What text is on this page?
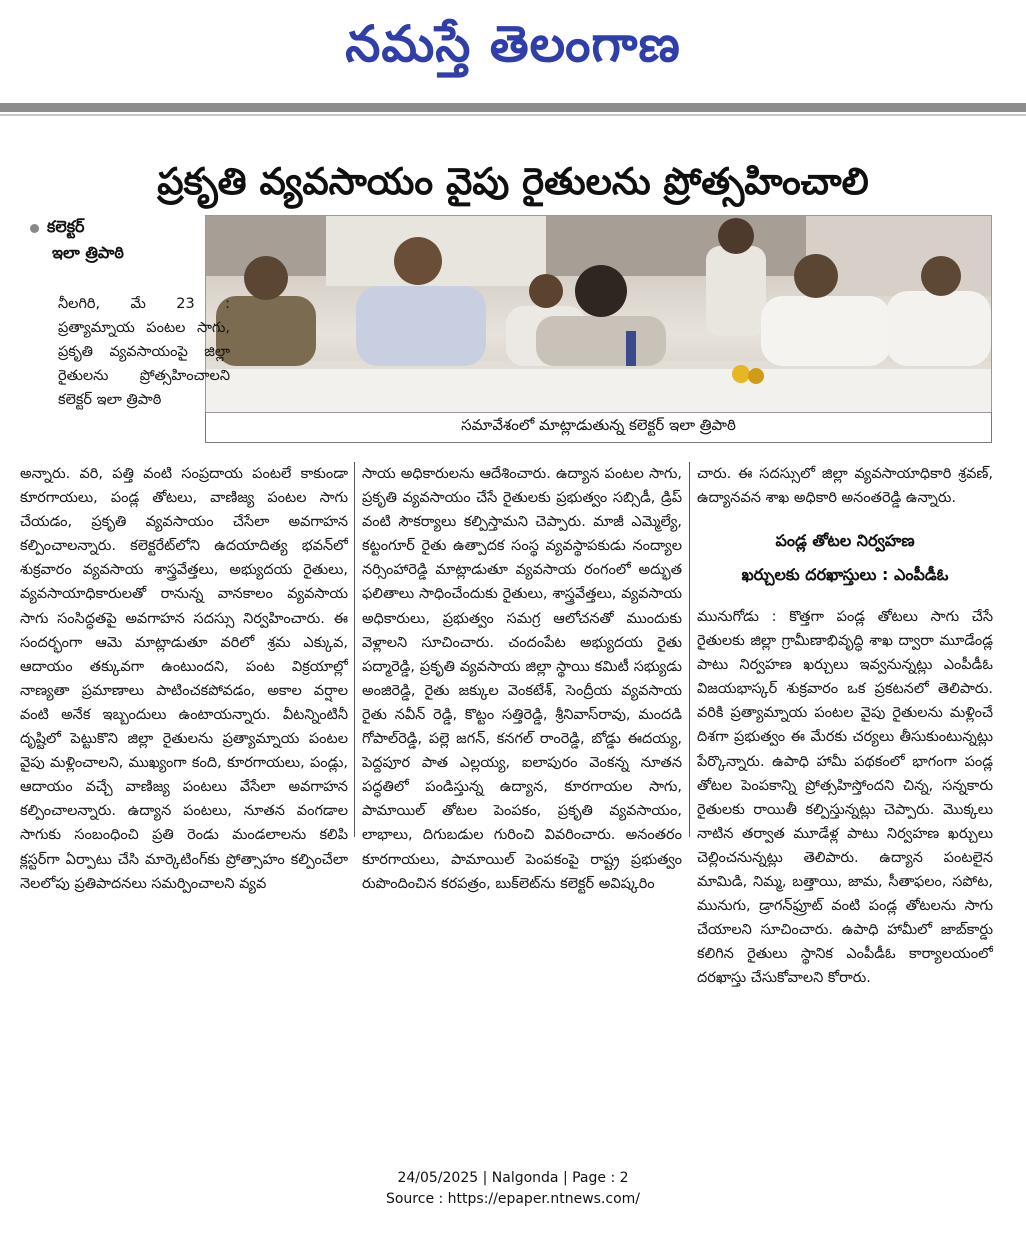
నమస్తే తెలంగాణ
ప్రకృతి వ్యవసాయం వైపు రైతులను ప్రోత్సహించాలి
కలెక్టర్
ఇలా త్రిపాఠి
సమావేశంలో మాట్లాడుతున్న కలెక్టర్ ఇలా త్రిపాఠి

నీలగిరి, మే 23 : ప్రత్యామ్నాయ పంటల సాగు, ప్రకృతి వ్యవసాయంపై జిల్లా రైతులను ప్రోత్సహించాలని కలెక్టర్ ఇలా త్రిపాఠి

అన్నారు. వరి, పత్తి వంటి సంప్రదాయ పంటలే కాకుండా కూరగాయలు, పండ్ల తోటలు, వాణిజ్య పంటల సాగు చేయడం, ప్రకృతి వ్యవసాయం చేసేలా అవగాహన కల్పించాలన్నారు. కలెక్టరేట్‌లోని ఉదయాదిత్య భవన్‌లో శుక్రవారం వ్యవసాయ శాస్త్రవేత్తలు, అభ్యుదయ రైతులు, వ్యవసాయాధికారులతో రానున్న వానకాలం వ్యవసాయ సాగు సంసిద్ధతపై అవగాహన సదస్సు నిర్వహించారు. ఈ సందర్భంగా ఆమె మాట్లాడుతూ వరిలో శ్రమ ఎక్కువ, ఆదాయం తక్కువగా ఉంటుందని, పంట విక్రయాల్లో నాణ్యతా ప్రమాణాలు పాటించకపోవడం, అకాల వర్షాల వంటి అనేక ఇబ్బందులు ఉంటాయన్నారు. వీటన్నింటినీ దృష్టిలో పెట్టుకొని జిల్లా రైతులను ప్రత్యామ్నాయ పంటల వైపు మళ్లించాలని, ముఖ్యంగా కంది, కూరగాయలు, పండ్లు, ఆదాయం వచ్చే వాణిజ్య పంటలు వేసేలా అవగాహన కల్పించాలన్నారు. ఉద్యాన పంటలు, నూతన వంగడాల సాగుకు సంబంధించి ప్రతి రెండు మండలాలను కలిపి క్లస్టర్‌గా ఏర్పాటు చేసి మార్కెటింగ్‌కు ప్రోత్సాహం కల్పించేలా నెలలోపు ప్రతిపాదనలు సమర్పించాలని వ్యవ

సాయ అధికారులను ఆదేశించారు. ఉద్యాన పంటల సాగు, ప్రకృతి వ్యవసాయం చేసే రైతులకు ప్రభుత్వం సబ్సిడీ, డ్రిప్ వంటి సౌకర్యాలు కల్పిస్తామని చెప్పారు. మాజీ ఎమ్మెల్యే, కట్టంగూర్ రైతు ఉత్పాదక సంస్థ వ్యవస్థాపకుడు నంద్యాల నర్సింహారెడ్డి మాట్లాడుతూ వ్యవసాయ రంగంలో అద్భుత ఫలితాలు సాధించేందుకు రైతులు, శాస్త్రవేత్తలు, వ్యవసాయ అధికారులు, ప్రభుత్వం సమగ్ర ఆలోచనతో ముందుకు వెళ్లాలని సూచించారు. చందంపేట అభ్యుదయ రైతు పద్మారెడ్డి, ప్రకృతి వ్యవసాయ జిల్లా స్థాయి కమిటీ సభ్యుడు అంజిరెడ్డి, రైతు జక్కుల వెంకటేశ్, సెంద్రీయ వ్యవసాయ రైతు నవీన్ రెడ్డి, కొట్టం సత్తిరెడ్డి, శ్రీనివాస్‌రావు, మందడి గోపాల్‌రెడ్డి, పల్లె జగన్, కనగల్ రాంరెడ్డి, బోడ్డు ఈదయ్య, పెద్దపూర పాత ఎల్లయ్య, ఐలాపురం వెంకన్న నూతన పద్ధతిలో పండిస్తున్న ఉద్యాన, కూరగాయల సాగు, పామాయిల్ తోటల పెంపకం, ప్రకృతి వ్యవసాయం, లాభాలు, దిగుబడుల గురించి వివరించారు. అనంతరం కూరగాయలు, పామాయిల్ పెంపకంపై రాష్ట్ర ప్రభుత్వం రుపొందించిన కరపత్రం, బుక్‌లెట్‌ను కలెక్టర్ అవిష్కరిం

చారు. ఈ సదస్సులో జిల్లా వ్యవసాయాధికారి శ్రవణ్, ఉద్యానవన శాఖ అధికారి అనంతరెడ్డి ఉన్నారు.

పండ్ల తోటల నిర్వహణ
ఖర్చులకు దరఖాస్తులు : ఎంపీడీఓ

మునుగోడు : కొత్తగా పండ్ల తోటలు సాగు చేసే రైతులకు జిల్లా గ్రామీణాభివృద్ధి శాఖ ద్వారా మూడేండ్ల పాటు నిర్వహణ ఖర్చులు ఇవ్వనున్నట్లు ఎంపీడీఓ విజయభాస్కర్ శుక్రవారం ఒక ప్రకటనలో తెలిపారు. వరికి ప్రత్యామ్నాయ పంటల వైపు రైతులను మళ్లించే దిశగా ప్రభుత్వం ఈ మేరకు చర్యలు తీసుకుంటున్నట్లు పేర్కొన్నారు. ఉపాధి హామీ పథకంలో భాగంగా పండ్ల తోటల పెంపకాన్ని ప్రోత్సహిస్తోందని చిన్న, సన్నకారు రైతులకు రాయితీ కల్పిస్తున్నట్లు చెప్పారు. మొక్కలు నాటిన తర్వాత మూడేళ్ల పాటు నిర్వహణ ఖర్చులు చెల్లించనున్నట్లు తెలిపారు. ఉద్యాన పంటలైన మామిడి, నిమ్మ, బత్తాయి, జామ, సీతాఫలం, సపోట, మునుగు, డ్రాగన్‌ఫ్రూట్ వంటి పండ్ల తోటలను సాగు చేయాలని సూచించారు. ఉపాధి హామీలో జాబ్‌కార్డు కలిగిన రైతులు స్థానిక ఎంపీడీఓ కార్యాలయంలో దరఖాస్తు చేసుకోవాలని కోరారు.

24/05/2025 | Nalgonda | Page : 2
Source : https://epaper.ntnews.com/
